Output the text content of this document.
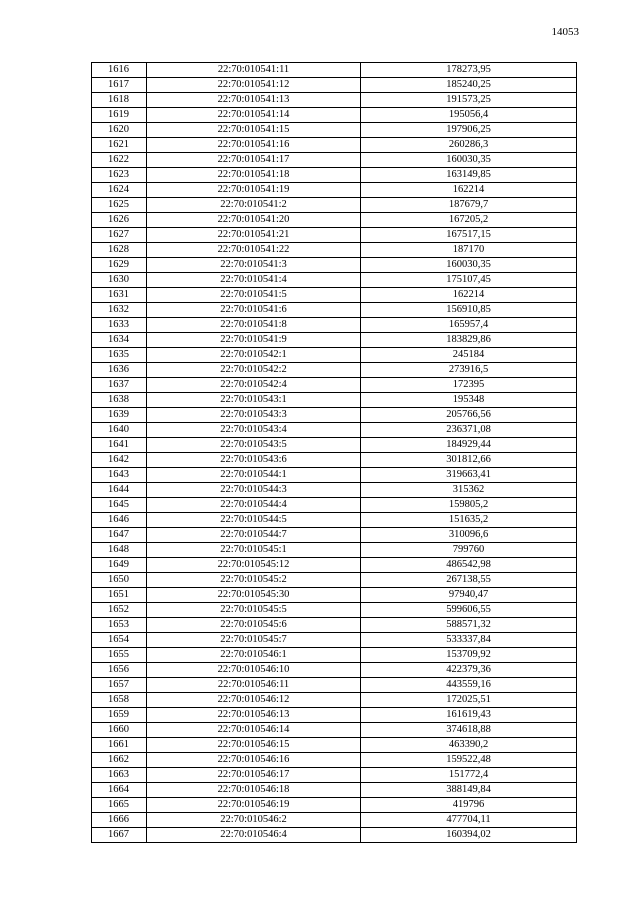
14053
1616	22:70:010541:11	178273,95
1617	22:70:010541:12	185240,25
1618	22:70:010541:13	191573,25
1619	22:70:010541:14	195056,4
1620	22:70:010541:15	197906,25
1621	22:70:010541:16	260286,3
1622	22:70:010541:17	160030,35
1623	22:70:010541:18	163149,85
1624	22:70:010541:19	162214
1625	22:70:010541:2	187679,7
1626	22:70:010541:20	167205,2
1627	22:70:010541:21	167517,15
1628	22:70:010541:22	187170
1629	22:70:010541:3	160030,35
1630	22:70:010541:4	175107,45
1631	22:70:010541:5	162214
1632	22:70:010541:6	156910,85
1633	22:70:010541:8	165957,4
1634	22:70:010541:9	183829,86
1635	22:70:010542:1	245184
1636	22:70:010542:2	273916,5
1637	22:70:010542:4	172395
1638	22:70:010543:1	195348
1639	22:70:010543:3	205766,56
1640	22:70:010543:4	236371,08
1641	22:70:010543:5	184929,44
1642	22:70:010543:6	301812,66
1643	22:70:010544:1	319663,41
1644	22:70:010544:3	315362
1645	22:70:010544:4	159805,2
1646	22:70:010544:5	151635,2
1647	22:70:010544:7	310096,6
1648	22:70:010545:1	799760
1649	22:70:010545:12	486542,98
1650	22:70:010545:2	267138,55
1651	22:70:010545:30	97940,47
1652	22:70:010545:5	599606,55
1653	22:70:010545:6	588571,32
1654	22:70:010545:7	533337,84
1655	22:70:010546:1	153709,92
1656	22:70:010546:10	422379,36
1657	22:70:010546:11	443559,16
1658	22:70:010546:12	172025,51
1659	22:70:010546:13	161619,43
1660	22:70:010546:14	374618,88
1661	22:70:010546:15	463390,2
1662	22:70:010546:16	159522,48
1663	22:70:010546:17	151772,4
1664	22:70:010546:18	388149,84
1665	22:70:010546:19	419796
1666	22:70:010546:2	477704,11
1667	22:70:010546:4	160394,02
